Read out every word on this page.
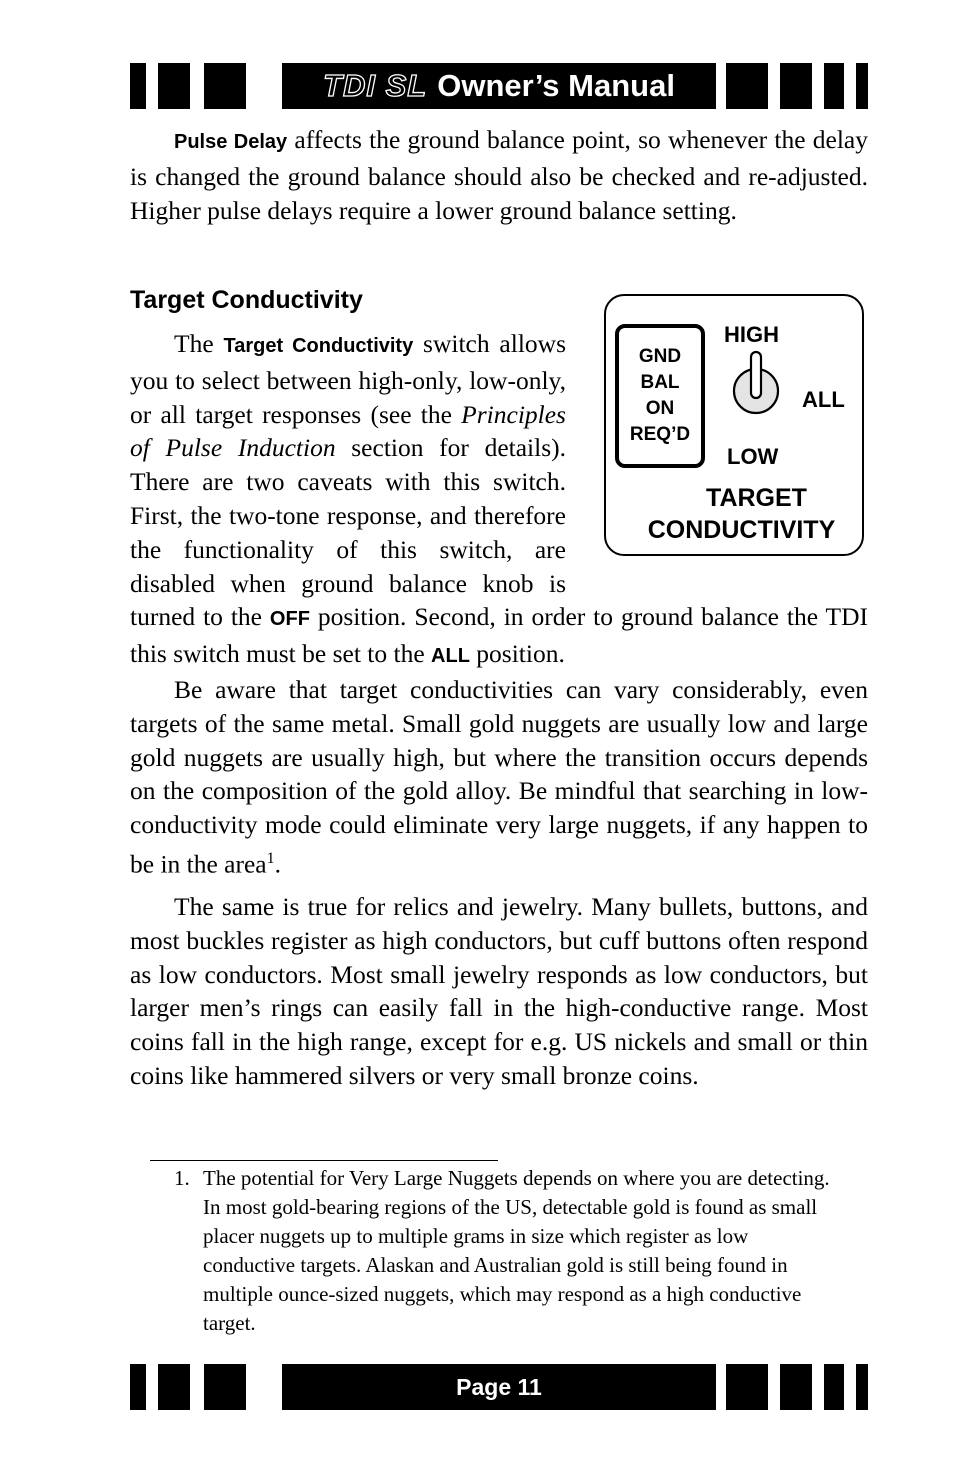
TDI SL Owner’s Manual

Pulse Delay affects the ground balance point, so whenever the delay is changed the ground balance should also be checked and re-adjusted. Higher pulse delays require a lower ground balance setting.

Target Conductivity

The Target Conductivity switch allows you to select between high-only, low-only, or all target responses (see the Principles of Pulse Induction section for details). There are two caveats with this switch. First, the two-tone response, and therefore the functionality of this switch, are disabled when ground balance knob is turned to the OFF position. Second, in order to ground balance the TDI this switch must be set to the ALL position.

GND
BAL
ON
REQ’D
HIGH
ALL
LOW
TARGET
CONDUCTIVITY

Be aware that target conductivities can vary considerably, even targets of the same metal. Small gold nuggets are usually low and large gold nuggets are usually high, but where the transition occurs depends on the composition of the gold alloy. Be mindful that searching in low-conductivity mode could eliminate very large nuggets, if any happen to be in the area$^1$.

The same is true for relics and jewelry. Many bullets, buttons, and most buckles register as high conductors, but cuff buttons often respond as low conductors. Most small jewelry responds as low conductors, but larger men’s rings can easily fall in the high-conductive range. Most coins fall in the high range, except for e.g. US nickels and small or thin coins like hammered silvers or very small bronze coins.

1. The potential for Very Large Nuggets depends on where you are detecting. In most gold-bearing regions of the US, detectable gold is found as small placer nuggets up to multiple grams in size which register as low conductive targets. Alaskan and Australian gold is still being found in multiple ounce-sized nuggets, which may respond as a high conductive target.

Page 11
